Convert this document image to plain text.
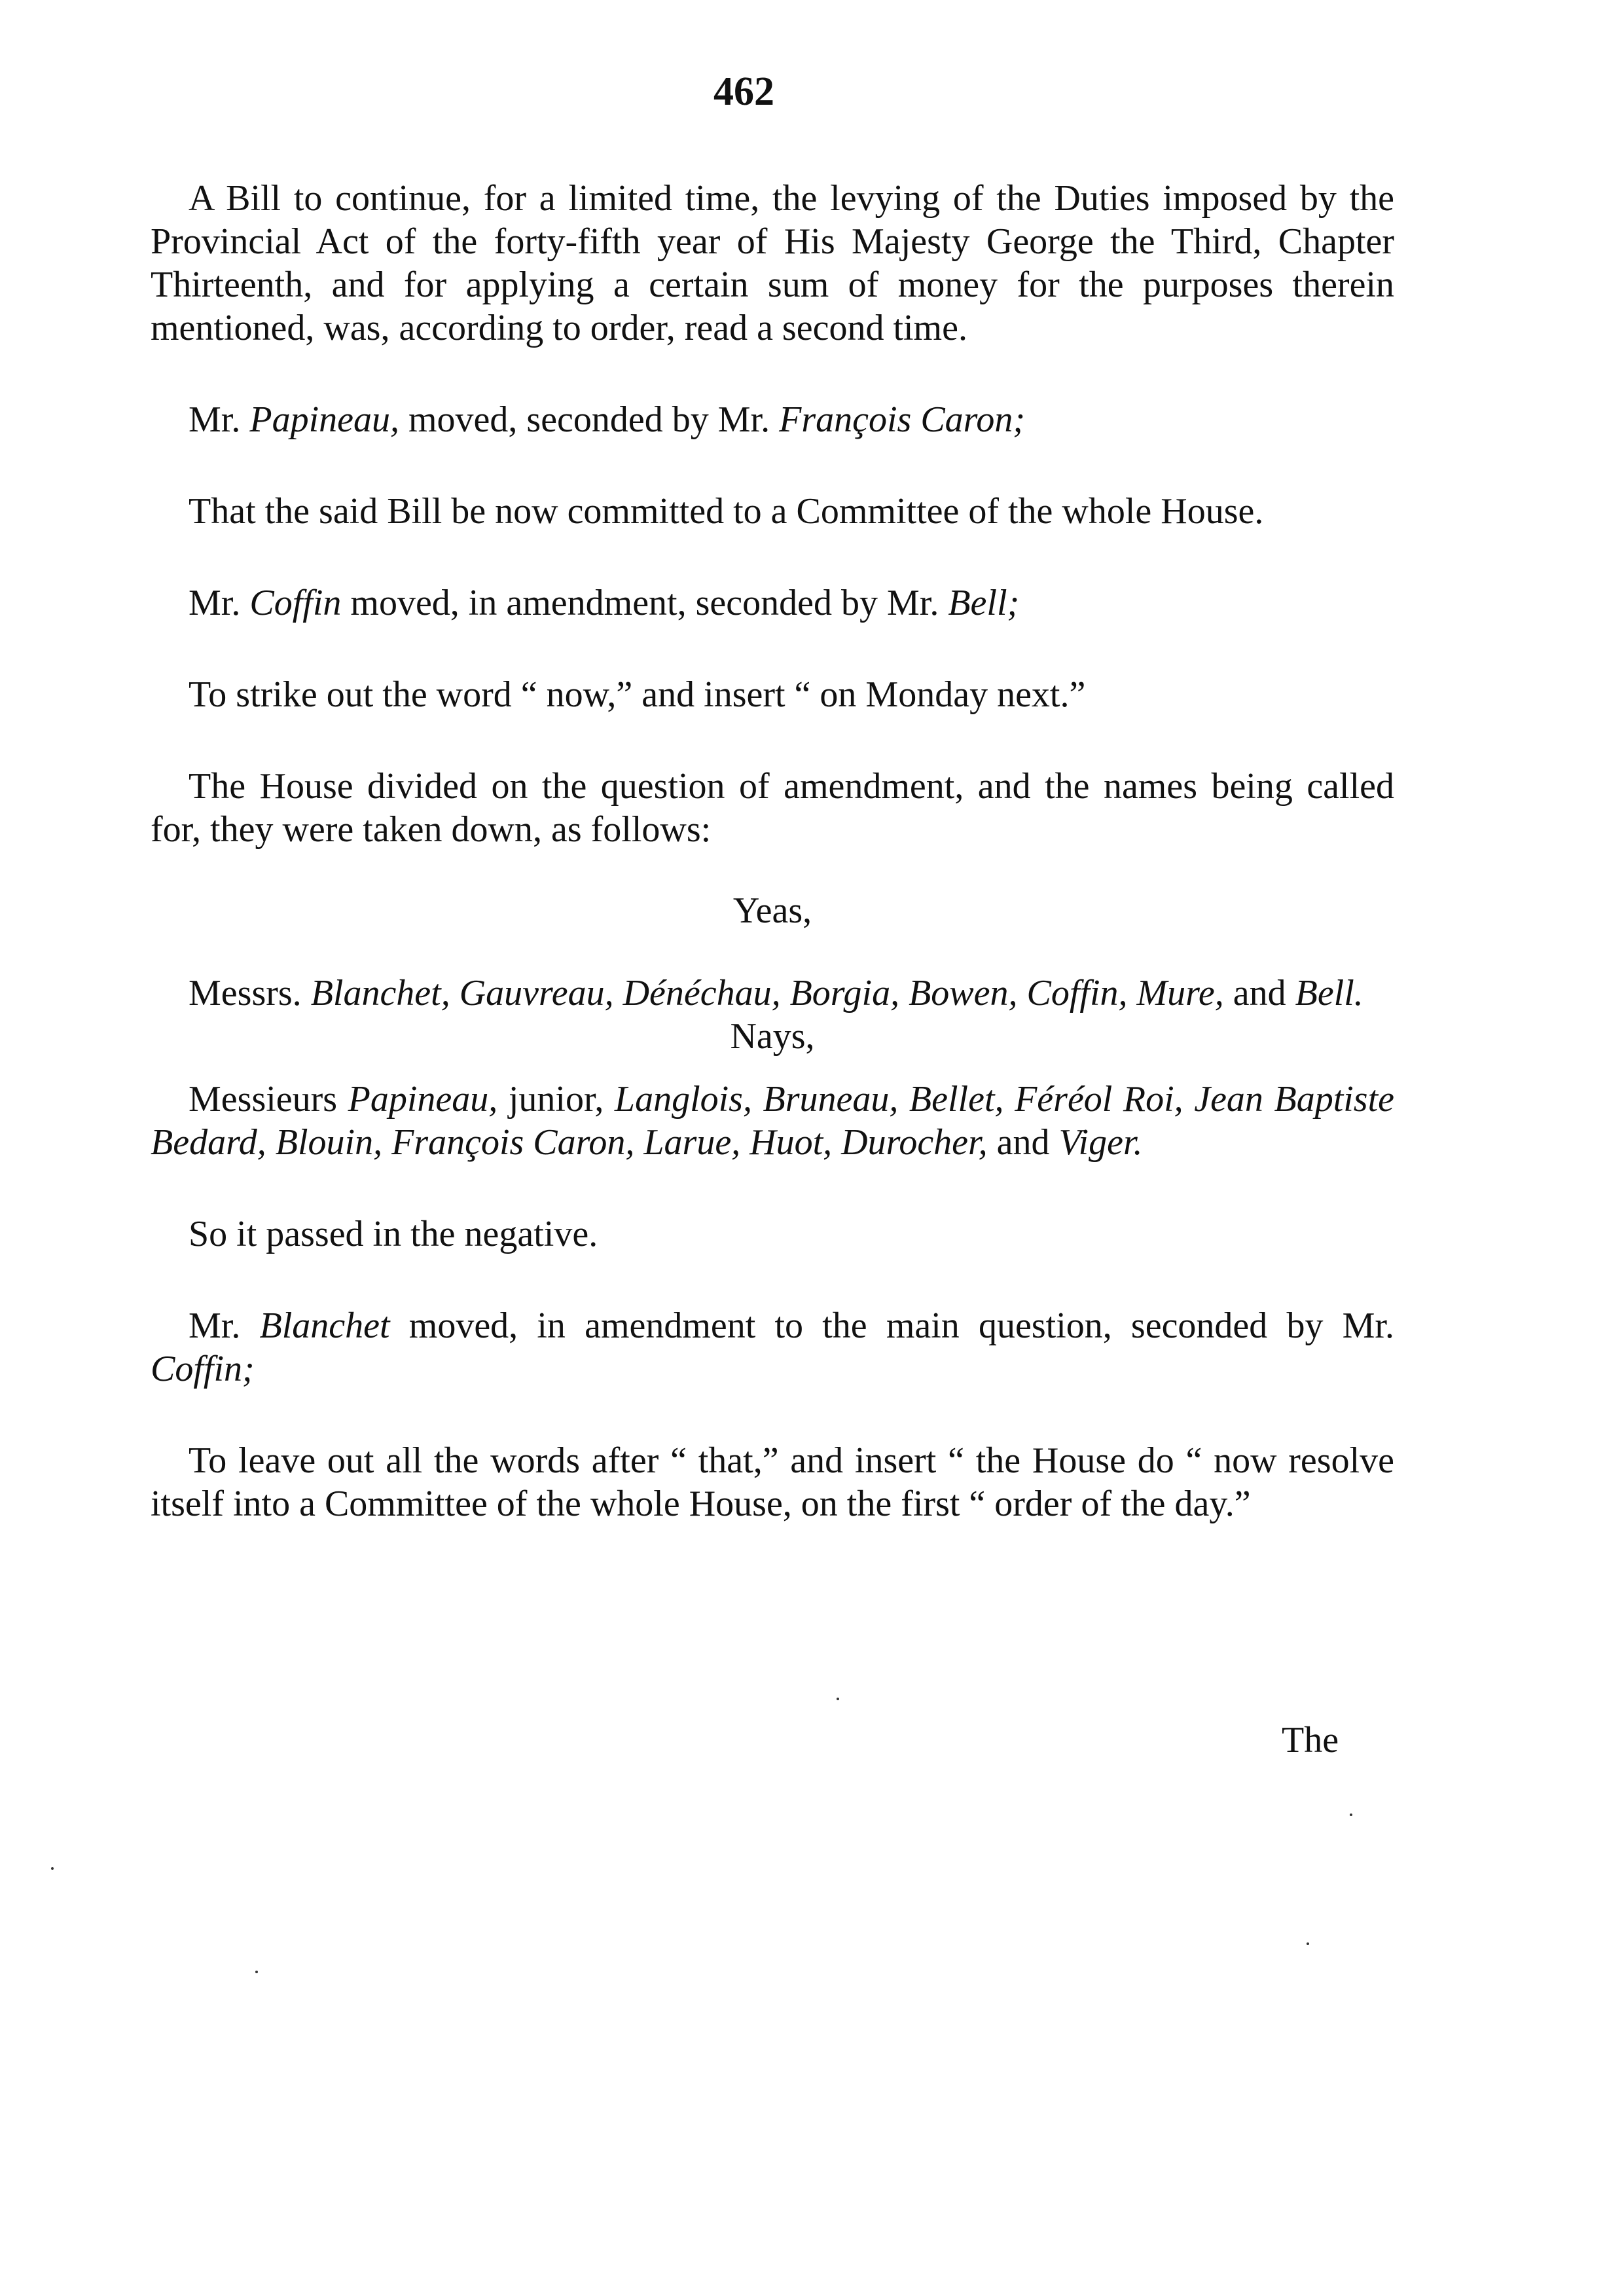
462

A Bill to continue, for a limited time, the levying of the Duties imposed by the Provincial Act of the forty-fifth year of His Majesty George the Third, Chapter Thirteenth, and for applying a certain sum of money for the purposes therein mentioned, was, according to order, read a second time.

Mr. Papineau, moved, seconded by Mr. François Caron;

That the said Bill be now committed to a Committee of the whole House.

Mr. Coffin moved, in amendment, seconded by Mr. Bell;

To strike out the word “ now,” and insert “ on Monday next.”

The House divided on the question of amendment, and the names being called for, they were taken down, as follows:

Yeas,

Messrs. Blanchet, Gauvreau, Dénéchau, Borgia, Bowen, Coffin, Mure, and Bell.

Nays,

Messieurs Papineau, junior, Langlois, Bruneau, Bellet, Féréol Roi, Jean Baptiste Bedard, Blouin, François Caron, Larue, Huot, Durocher, and Viger.

So it passed in the negative.

Mr. Blanchet moved, in amendment to the main question, seconded by Mr. Coffin;

To leave out all the words after “ that,” and insert “ the House do “ now resolve itself into a Committee of the whole House, on the first “ order of the day.”

The
